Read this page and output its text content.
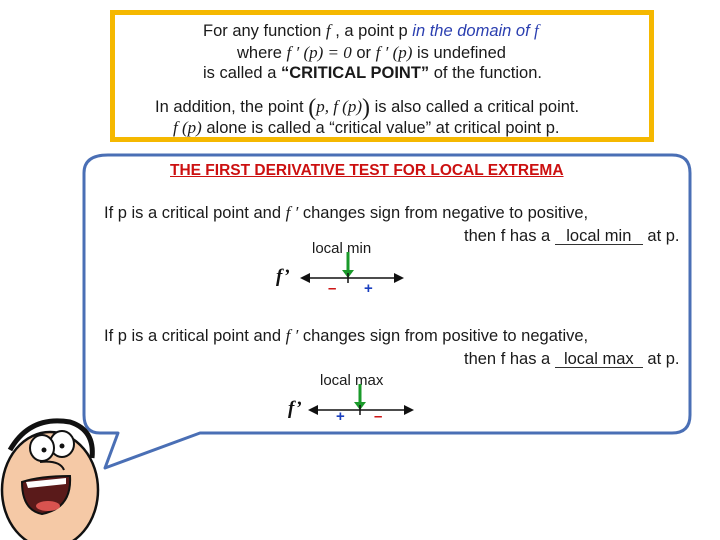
For any function f , a point p in the domain of f
where f ′ (p) = 0 or f ′ (p) is undefined
is called a “CRITICAL POINT” of the function.
In addition, the point (p, f (p)) is also called a critical point.
f (p) alone is called a “critical value” at critical point p.
THE FIRST DERIVATIVE TEST FOR LOCAL EXTREMA
If p is a critical point and f ′ changes sign from negative to positive,
then f has a local min at p.
local min
f’
– +
If p is a critical point and f ′ changes sign from positive to negative,
then f has a local max at p.
local max
f’ + –
